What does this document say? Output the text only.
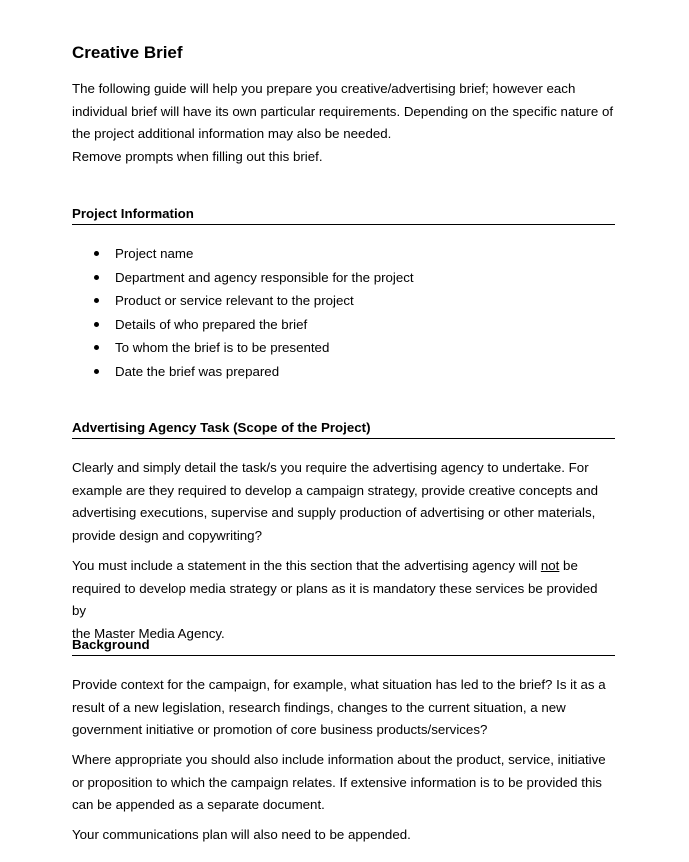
Creative Brief
The following guide will help you prepare you creative/advertising brief; however each
individual brief will have its own particular requirements. Depending on the specific nature of
the project additional information may also be needed.
Remove prompts when filling out this brief.
Project Information
Project name
Department and agency responsible for the project
Product or service relevant to the project
Details of who prepared the brief
To whom the brief is to be presented
Date the brief was prepared
Advertising Agency Task (Scope of the Project)
Clearly and simply detail the task/s you require the advertising agency to undertake. For
example are they required to develop a campaign strategy, provide creative concepts and
advertising executions, supervise and supply production of advertising or other materials,
provide design and copywriting?
You must include a statement in the this section that the advertising agency will not be
required to develop media strategy or plans as it is mandatory these services be provided by
the Master Media Agency.
Background
Provide context for the campaign, for example, what situation has led to the brief? Is it as a
result of a new legislation, research findings, changes to the current situation, a new
government initiative or promotion of core business products/services?
Where appropriate you should also include information about the product, service, initiative
or proposition to which the campaign relates. If extensive information is to be provided this
can be appended as a separate document.
Your communications plan will also need to be appended.
